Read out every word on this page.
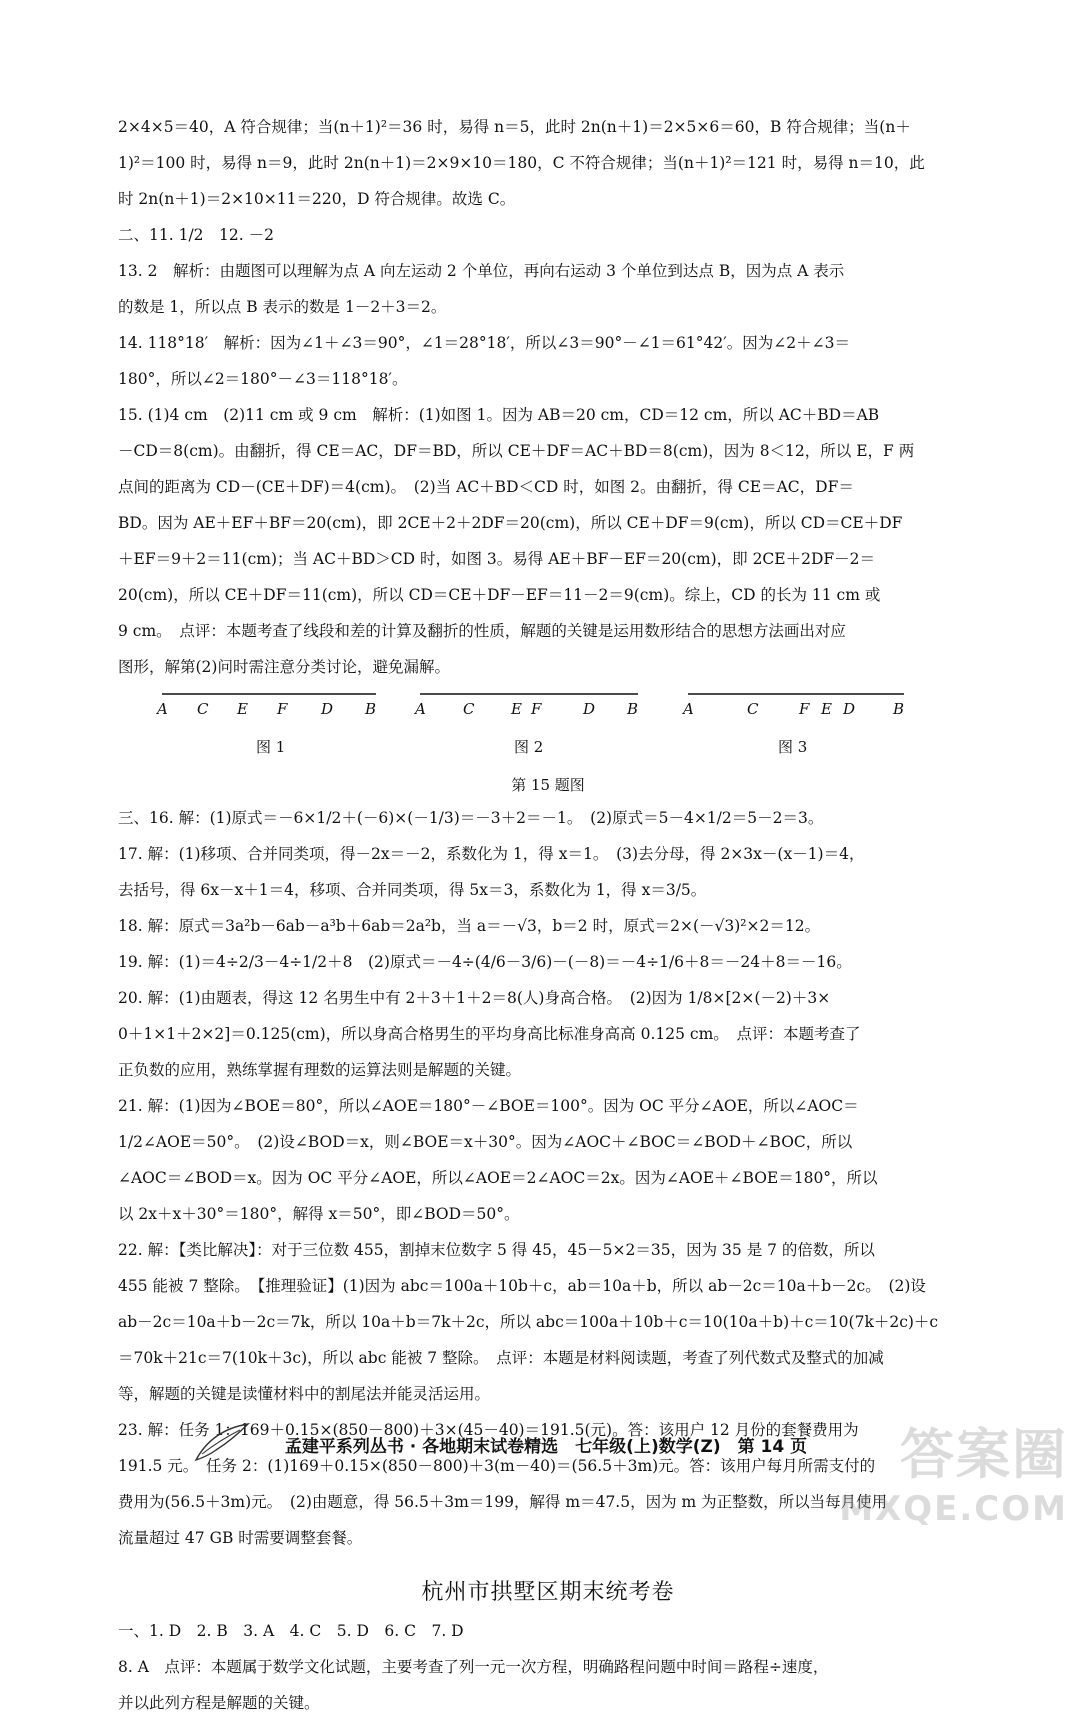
2×4×5＝40，A 符合规律；当(n＋1)²＝36 时，易得 n＝5，此时 2n(n＋1)＝2×5×6＝60，B 符合规律；当(n＋

1)²＝100 时，易得 n＝9，此时 2n(n＋1)＝2×9×10＝180，C 不符合规律；当(n＋1)²＝121 时，易得 n＝10，此

时 2n(n＋1)＝2×10×11＝220，D 符合规律。故选 C。

二、11. 1/2　12. －2

13. 2　解析：由题图可以理解为点 A 向左运动 2 个单位，再向右运动 3 个单位到达点 B，因为点 A 表示

的数是 1，所以点 B 表示的数是 1－2＋3＝2。

14. 118°18′　解析：因为∠1＋∠3＝90°，∠1＝28°18′，所以∠3＝90°－∠1＝61°42′。因为∠2＋∠3＝

180°，所以∠2＝180°－∠3＝118°18′。

15. (1)4 cm　(2)11 cm 或 9 cm　解析：(1)如图 1。因为 AB＝20 cm，CD＝12 cm，所以 AC＋BD＝AB

－CD＝8(cm)。由翻折，得 CE＝AC，DF＝BD，所以 CE＋DF＝AC＋BD＝8(cm)，因为 8＜12，所以 E，F 两

点间的距离为 CD－(CE＋DF)＝4(cm)。　(2)当 AC＋BD＜CD 时，如图 2。由翻折，得 CE＝AC，DF＝

BD。因为 AE＋EF＋BF＝20(cm)，即 2CE＋2＋2DF＝20(cm)，所以 CE＋DF＝9(cm)，所以 CD＝CE＋DF

＋EF＝9＋2＝11(cm)；当 AC＋BD＞CD 时，如图 3。易得 AE＋BF－EF＝20(cm)，即 2CE＋2DF－2＝

20(cm)，所以 CE＋DF＝11(cm)，所以 CD＝CE＋DF－EF＝11－2＝9(cm)。综上，CD 的长为 11 cm 或

9 cm。　点评：本题考查了线段和差的计算及翻折的性质，解题的关键是运用数形结合的思想方法画出对应

图形，解第(2)问时需注意分类讨论，避免漏解。

A C E F D B	A C E F	D B	A	C	F E D	B
图 1	图 2	图 3
第 15 题图

三、16. 解：(1)原式＝－6×1/2＋(－6)×(－1/3)＝－3＋2＝－1。　(2)原式＝5－4×1/2＝5－2＝3。

17. 解：(1)移项、合并同类项，得－2x＝－2，系数化为 1，得 x＝1。　(3)去分母，得 2×3x－(x－1)＝4，

去括号，得 6x－x＋1＝4，移项、合并同类项，得 5x＝3，系数化为 1，得 x＝3/5。

18. 解：原式＝3a²b－6ab－a³b＋6ab＝2a²b，当 a＝－√3，b＝2 时，原式＝2×(－√3)²×2＝12。

19. 解：(1)＝4÷2/3－4÷1/2＋8　(2)原式＝－4÷(4/6－3/6)－(－8)＝－4÷1/6＋8＝－24＋8＝－16。

20. 解：(1)由题表，得这 12 名男生中有 2＋3＋1＋2＝8(人)身高合格。　(2)因为 1/8×[2×(－2)＋3×

0＋1×1＋2×2]＝0.125(cm)，所以身高合格男生的平均身高比标准身高高 0.125 cm。　点评：本题考查了

正负数的应用，熟练掌握有理数的运算法则是解题的关键。

21. 解：(1)因为∠BOE＝80°，所以∠AOE＝180°－∠BOE＝100°。因为 OC 平分∠AOE，所以∠AOC＝

1/2∠AOE＝50°。　(2)设∠BOD＝x，则∠BOE＝x＋30°。因为∠AOC＋∠BOC＝∠BOD＋∠BOC，所以

∠AOC＝∠BOD＝x。因为 OC 平分∠AOE，所以∠AOE＝2∠AOC＝2x。因为∠AOE＋∠BOE＝180°，所以

以 2x＋x＋30°＝180°，解得 x＝50°，即∠BOD＝50°。

22. 解：【类比解决】：对于三位数 455，割掉末位数字 5 得 45，45－5×2＝35，因为 35 是 7 的倍数，所以

455 能被 7 整除。　【推理验证】(1)因为 abc＝100a＋10b＋c，ab＝10a＋b，所以 ab－2c＝10a＋b－2c。　(2)设

ab－2c＝10a＋b－2c＝7k，所以 10a＋b＝7k＋2c，所以 abc＝100a＋10b＋c＝10(10a＋b)＋c＝10(7k＋2c)＋c

＝70k＋21c＝7(10k＋3c)，所以 abc 能被 7 整除。　点评：本题是材料阅读题，考查了列代数式及整式的加减

等，解题的关键是读懂材料中的割尾法并能灵活运用。

23. 解：任务 1：169＋0.15×(850－800)＋3×(45－40)＝191.5(元)。答：该用户 12 月份的套餐费用为

191.5 元。　任务 2：(1)169＋0.15×(850－800)＋3(m－40)＝(56.5＋3m)元。答：该用户每月所需支付的

费用为(56.5＋3m)元。　(2)由题意，得 56.5＋3m＝199，解得 m＝47.5，因为 m 为正整数，所以当每月使用

流量超过 47 GB 时需要调整套餐。

杭州市拱墅区期末统考卷

一、1. D　2. B　3. A　4. C　5. D　6. C　7. D

8. A　点评：本题属于数学文化试题，主要考查了列一元一次方程，明确路程问题中时间＝路程÷速度，

并以此列方程是解题的关键。

孟建平系列丛书 · 各地期末试卷精选　七年级(上)数学(Z)　第 14 页	答案圈
MXQE.COM
